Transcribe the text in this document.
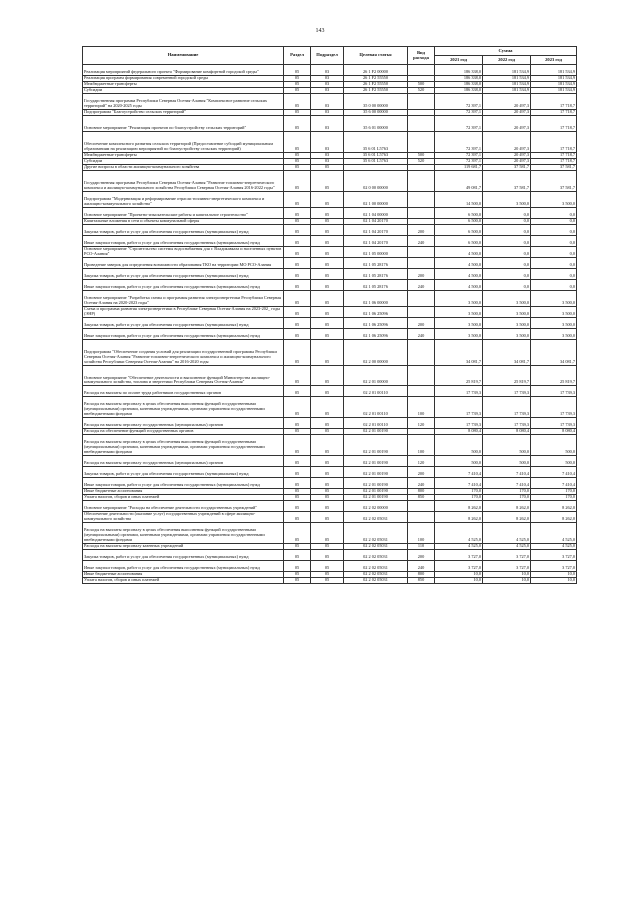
143
Наименование	Раздел	Подраздел	Целевая статья	Вид расхода	Сумма		
					2021 год	2022 год	2023 год
Реализация мероприятий федерального проекта "Формирование комфортной городской среды"	05	03	26 1 F2 00000		186 338,0	181 534,9	181 534,9
Реализация программ формирования современной городской среды	05	03	26 1 F2 55550		186 338,0	181 534,9	181 534,9
Межбюджетные трансферты	05	03	26 1 F2 55550	500	186 338,0	181 534,9	181 534,9
Субсидии	05	03	26 1 F2 55550	520	186 338,0	181 534,9	181 534,9
Государственная программа Республики Северная Осетия-Алания "Комплексное развитие сельских территорий" на 2020-2025 годы	05	03	35 0 00 00000		72 397,1	20 497,3	17 718,7
Подпрограмма "Благоустройство сельских территорий"	05	03	35 6 00 00000		72 397,1	20 497,3	17 718,7
Основное мероприятие "Реализация проектов по благоустройству сельских территорий"	05	03	35 6 01 00000		72 397,1	20 497,3	17 718,7
Обеспечение комплексного развития сельских территорий (Предоставление субсидий муниципальным образованиям на реализацию мероприятий по благоустройству сельских территорий)	05	03	35 6 01 L5763		72 397,1	20 497,3	17 718,7
Межбюджетные трансферты	05	03	35 6 01 L5763	500	72 397,1	20 497,3	17 718,7
Субсидии	05	03	35 6 01 L5763	520	72 397,1	20 497,3	17 718,7
Другие вопросы в области жилищно-коммунального хозяйства	05	05			119 681,7	37 581,7	37 581,7
Государственная программа Республики Северная Осетия-Алания "Развитие топливно-энергетического комплекса и жилищно-коммунального хозяйства Республики Северная Осетия-Алания 2016-2022 годы"	05	05	02 0 00 00000		49 081,7	37 581,7	37 581,7
Подпрограмма "Модернизация и реформирование отрасли топливно-энергетического комплекса и жилищно-коммунального хозяйства"	05	05	02 1 00 00000		14 500,0	3 500,0	3 500,0
Основное мероприятие "Проектно-изыскательские работы и капитальное строительство"	05	05	02 1 04 00000		6 500,0	0,0	0,0
Капитальные вложения в сети и объекты коммунальной сферы	05	05	02 1 04 20170		6 500,0	0,0	0,0
Закупка товаров, работ и услуг для обеспечения государственных (муниципальных) нужд	05	05	02 1 04 20170	200	6 500,0	0,0	0,0
Иные закупки товаров, работ и услуг для обеспечения государственных (муниципальных) нужд	05	05	02 1 04 20170	240	6 500,0	0,0	0,0
Основное мероприятие "Строительство системы водоснабжения для г. Владикавказа и населенных пунктов РСО-Алания"	05	05	02 1 05 00000		4 500,0	0,0	0,0
Проведение заверок для определения возможности образования ТКО на территории МО РСО-Алания	05	05	02 1 05 28176		4 500,0	0,0	0,0
Закупка товаров, работ и услуг для обеспечения государственных (муниципальных) нужд	05	05	02 1 05 28176	200	4 500,0	0,0	0,0
Иные закупки товаров, работ и услуг для обеспечения государственных (муниципальных) нужд	05	05	02 1 05 28176	240	4 500,0	0,0	0,0
Основное мероприятие "Разработка схемы и программы развития электроэнергетики Республики Северная Осетия-Алания на 2020-2023 годы"	05	05	02 1 06 00000		3 500,0	3 500,0	3 500,0
Схема и программа развития электроэнергетики в Республике Северная Осетия-Алания на 2023-202_ годы (ЭНР)	05	05	02 1 06 25096		3 500,0	3 500,0	3 500,0
Закупка товаров, работ и услуг для обеспечения государственных (муниципальных) нужд	05	05	02 1 06 25096	200	3 500,0	3 500,0	3 500,0
Иные закупки товаров, работ и услуг для обеспечения государственных (муниципальных) нужд	05	05	02 1 06 25096	240	3 500,0	3 500,0	3 500,0
Подпрограмма "Обеспечение создания условий для реализации государственной программы Республики Северная Осетия-Алания "Развитие топливно-энергетического комплекса и жилищно-коммунального хозяйства Республики Северная Осетия-Алания" на 2016-2020 годы	05	05	02 2 00 00000		34 081,7	34 081,7	34 081,7
Основное мероприятие "Обеспечение деятельности и выполнение функций Министерства жилищно-коммунального хозяйства, топлива и энергетики Республики Северная Осетия-Алания"	05	05	02 2 01 00000		25 819,7	25 819,7	25 819,7
Расходы на выплаты по оплате труда работников государственных органов	05	05	02 2 01 00110		17 739,3	17 739,3	17 739,3
Расходы на выплаты персоналу в целях обеспечения выполнения функций государственными (муниципальными) органами, казенными учреждениями, органами управления государственными внебюджетными фондами	05	05	02 2 01 00110	100	17 739,3	17 739,3	17 739,3
Расходы на выплаты персоналу государственных (муниципальных) органов	05	05	02 2 01 00110	120	17 739,3	17 739,3	17 739,3
Расходы на обеспечение функций государственных органов	05	05	02 2 01 00190		8 080,4	8 080,4	8 080,4
Расходы на выплаты персоналу в целях обеспечения выполнения функций государственными (муниципальными) органами, казенными учреждениями, органами управления государственными внебюджетными фондами	05	05	02 2 01 00190	100	500,0	500,0	500,0
Расходы на выплаты персоналу государственных (муниципальных) органов	05	05	02 2 01 00190	120	500,0	500,0	500,0
Закупка товаров, работ и услуг для обеспечения государственных (муниципальных) нужд	05	05	02 2 01 00190	200	7 410,4	7 410,4	7 410,4
Иные закупки товаров, работ и услуг для обеспечения государственных (муниципальных) нужд	05	05	02 2 01 00190	240	7 410,4	7 410,4	7 410,4
Иные бюджетные ассигнования	05	05	02 2 01 00190	800	170,0	170,0	170,0
Уплата налогов, сборов и иных платежей	05	05	02 2 01 00190	850	170,0	170,0	170,0
Основное мероприятие "Расходы на обеспечение деятельности государственных учреждений"	05	05	02 2 02 00000		8 262,0	8 262,0	8 262,0
Обеспечение деятельности (оказание услуг) государственных учреждений в сфере жилищно-коммунального хозяйства	05	05	02 2 02 05031		8 262,0	8 262,0	8 262,0
Расходы на выплаты персоналу в целях обеспечения выполнения функций государственными (муниципальными) органами, казенными учреждениями, органами управления государственными внебюджетными фондами	05	05	02 2 02 05031	100	4 525,0	4 525,0	4 525,0
Расходы на выплаты персоналу казенных учреждений	05	05	02 2 02 05031	110	4 525,0	4 525,0	4 525,0
Закупка товаров, работ и услуг для обеспечения государственных (муниципальных) нужд	05	05	02 2 02 05031	200	3 727,0	3 727,0	3 727,0
Иные закупки товаров, работ и услуг для обеспечения государственных (муниципальных) нужд	05	05	02 2 02 05031	240	3 727,0	3 727,0	3 727,0
Иные бюджетные ассигнования	05	05	02 2 02 05031	800	10,0	10,0	10,0
Уплата налогов, сборов и иных платежей	05	05	02 2 02 05031	850	10,0	10,0	10,0
